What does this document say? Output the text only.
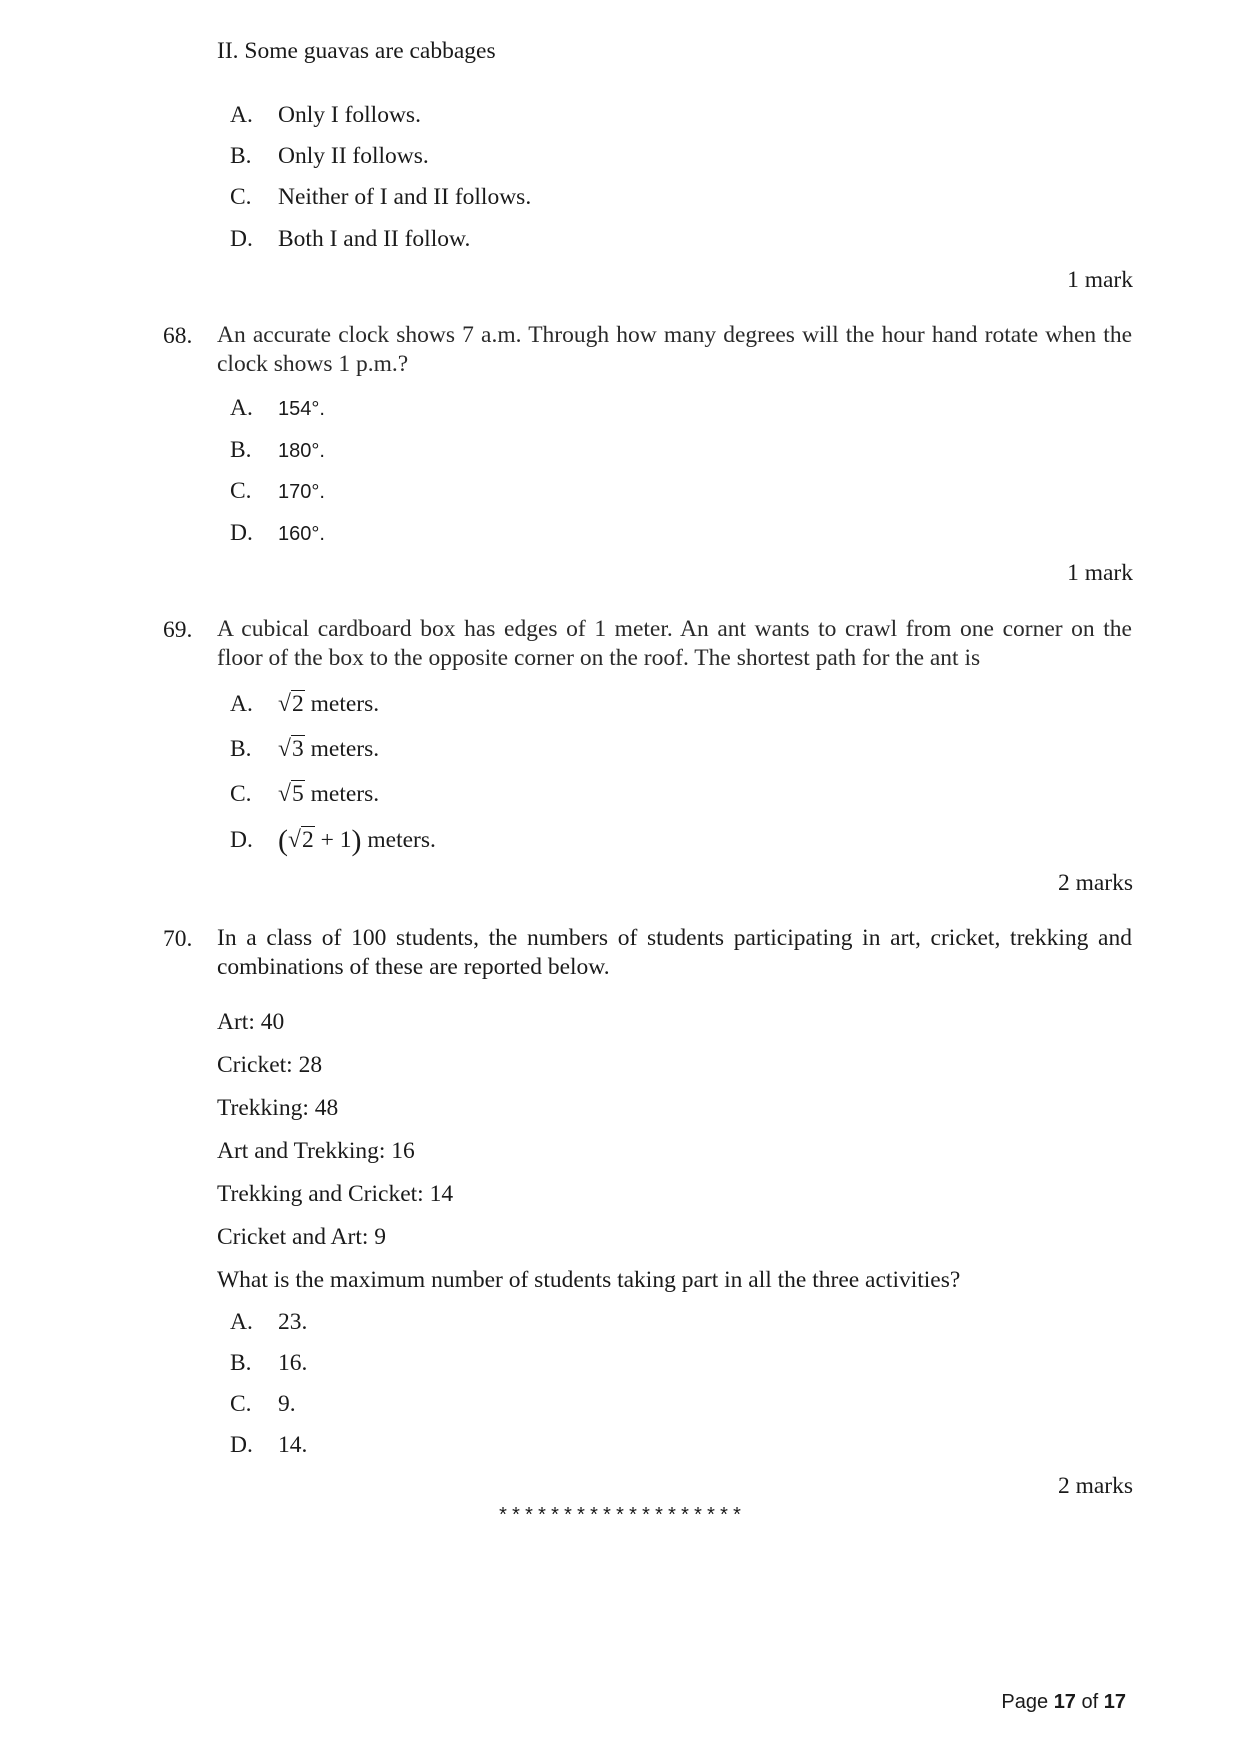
II. Some guavas are cabbages
A. Only I follows.
B. Only II follows.
C. Neither of I and II follows.
D. Both I and II follow.
1 mark
68. An accurate clock shows 7 a.m. Through how many degrees will the hour hand rotate when the clock shows 1 p.m.?
A. 154°.
B. 180°.
C. 170°.
D. 160°.
1 mark
69. A cubical cardboard box has edges of 1 meter. An ant wants to crawl from one corner on the floor of the box to the opposite corner on the roof. The shortest path for the ant is
A. √ 2 meters.
B. √ 3 meters.
C. √ 5 meters.
D. ( √ 2 + 1) meters.
2 marks
70. In a class of 100 students, the numbers of students participating in art, cricket, trekking and combinations of these are reported below.
Art: 40
Cricket: 28
Trekking: 48
Art and Trekking: 16
Trekking and Cricket: 14
Cricket and Art: 9
What is the maximum number of students taking part in all the three activities?
A. 23.
B. 16.
C. 9.
D. 14.
2 marks
*******************
Page 17 of 17
